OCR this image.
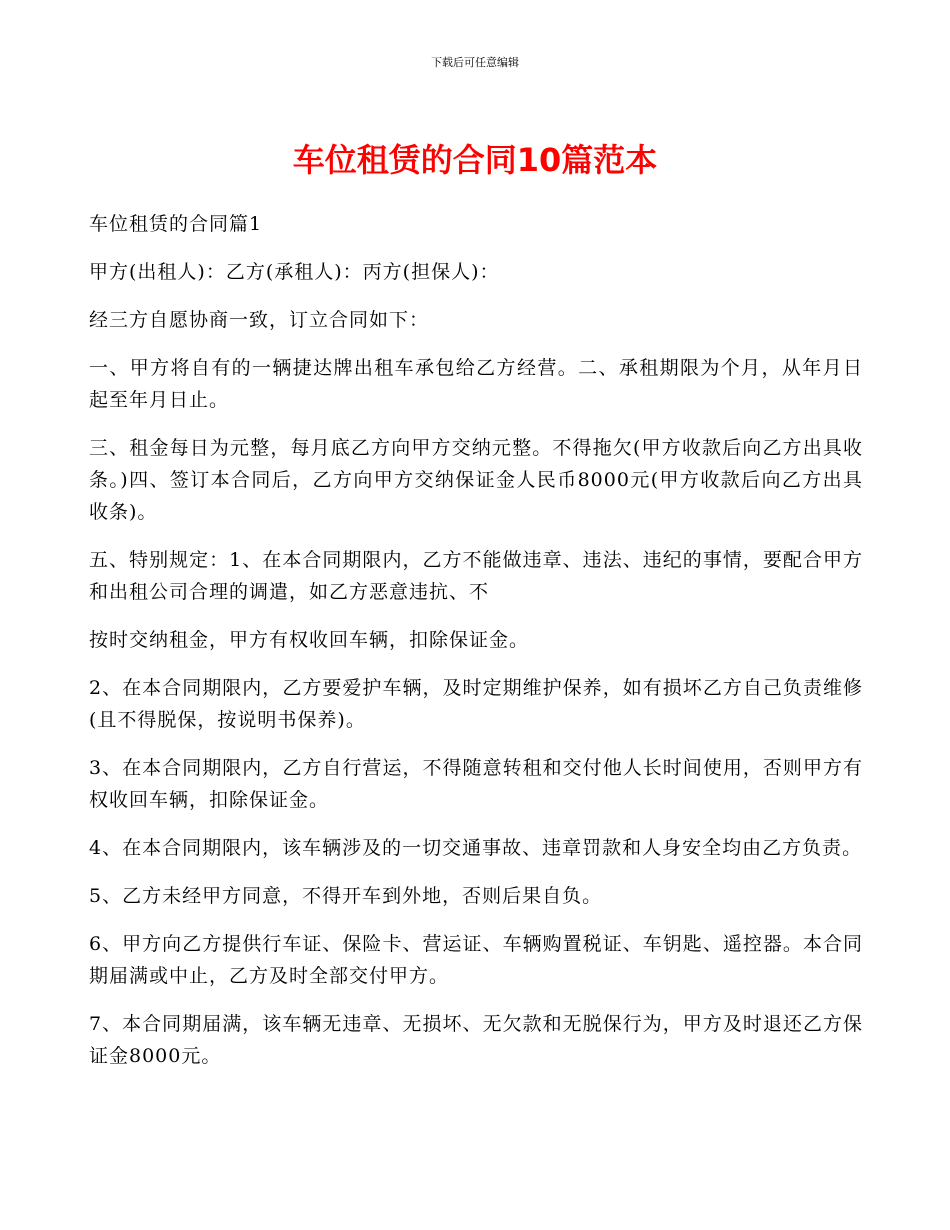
下载后可任意编辑
车位租赁的合同10篇范本

车位租赁的合同篇1

甲方(出租人)：乙方(承租人)：丙方(担保人)：

经三方自愿协商一致，订立合同如下：

一、甲方将自有的一辆捷达牌出租车承包给乙方经营。二、承租期限为个月，从年月日起至年月日止。

三、租金每日为元整，每月底乙方向甲方交纳元整。不得拖欠(甲方收款后向乙方出具收条。)四、签订本合同后，乙方向甲方交纳保证金人民币8000元(甲方收款后向乙方出具收条)。

五、特别规定：1、在本合同期限内，乙方不能做违章、违法、违纪的事情，要配合甲方和出租公司合理的调遣，如乙方恶意违抗、不

按时交纳租金，甲方有权收回车辆，扣除保证金。

2、在本合同期限内，乙方要爱护车辆，及时定期维护保养，如有损坏乙方自己负责维修(且不得脱保，按说明书保养)。

3、在本合同期限内，乙方自行营运，不得随意转租和交付他人长时间使用，否则甲方有权收回车辆，扣除保证金。

4、在本合同期限内，该车辆涉及的一切交通事故、违章罚款和人身安全均由乙方负责。

5、乙方未经甲方同意，不得开车到外地，否则后果自负。

6、甲方向乙方提供行车证、保险卡、营运证、车辆购置税证、车钥匙、遥控器。本合同期届满或中止，乙方及时全部交付甲方。

7、本合同期届满，该车辆无违章、无损坏、无欠款和无脱保行为，甲方及时退还乙方保证金8000元。
